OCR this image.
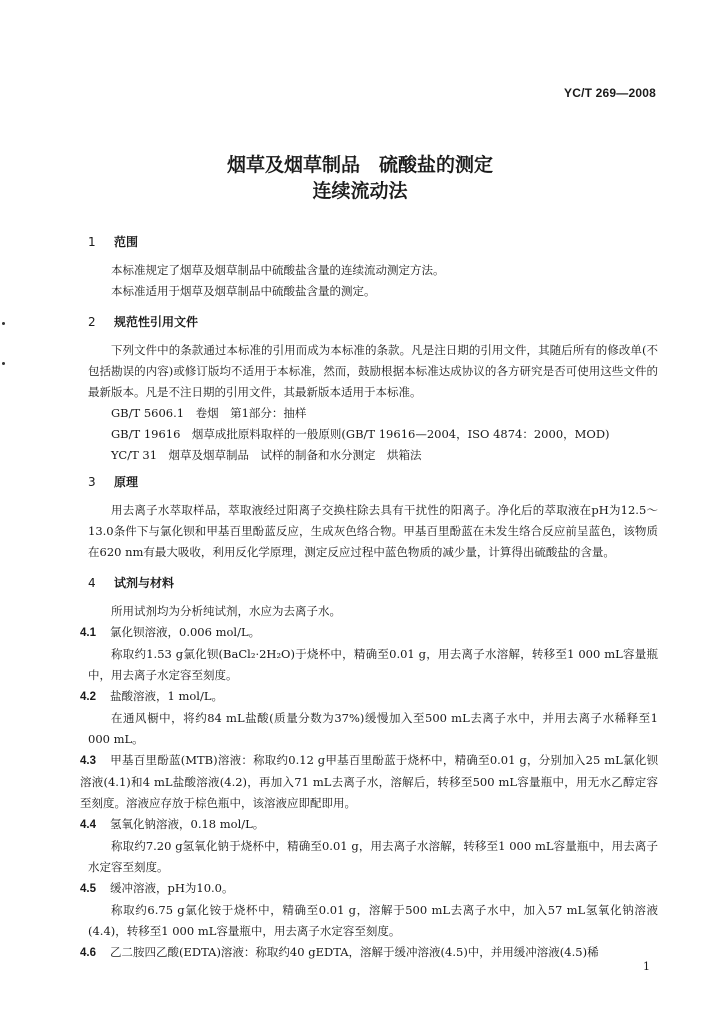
YC/T 269—2008
烟草及烟草制品　硫酸盐的测定
连续流动法
1 范围
本标准规定了烟草及烟草制品中硫酸盐含量的连续流动测定方法。
本标准适用于烟草及烟草制品中硫酸盐含量的测定。
2 规范性引用文件
下列文件中的条款通过本标准的引用而成为本标准的条款。凡是注日期的引用文件，其随后所有的修改单(不包括勘误的内容)或修订版均不适用于本标准，然而，鼓励根据本标准达成协议的各方研究是否可使用这些文件的最新版本。凡是不注日期的引用文件，其最新版本适用于本标准。
GB/T 5606.1　卷烟　第1部分：抽样
GB/T 19616　烟草成批原料取样的一般原则(GB/T 19616—2004，ISO 4874：2000，MOD)
YC/T 31　烟草及烟草制品　试样的制备和水分测定　烘箱法
3 原理
用去离子水萃取样品，萃取液经过阳离子交换柱除去具有干扰性的阳离子。净化后的萃取液在pH为12.5～13.0条件下与氯化钡和甲基百里酚蓝反应，生成灰色络合物。甲基百里酚蓝在未发生络合反应前呈蓝色，该物质在620 nm有最大吸收，利用反化学原理，测定反应过程中蓝色物质的减少量，计算得出硫酸盐的含量。
4 试剂与材料
所用试剂均为分析纯试剂，水应为去离子水。
4.1 氯化钡溶液，0.006 mol/L。
称取约1.53 g氯化钡(BaCl₂·2H₂O)于烧杯中，精确至0.01 g，用去离子水溶解，转移至1 000 mL容量瓶中，用去离子水定容至刻度。
4.2 盐酸溶液，1 mol/L。
在通风橱中，将约84 mL盐酸(质量分数为37%)缓慢加入至500 mL去离子水中，并用去离子水稀释至1 000 mL。
4.3 甲基百里酚蓝(MTB)溶液：称取约0.12 g甲基百里酚蓝于烧杯中，精确至0.01 g，分别加入25 mL氯化钡溶液(4.1)和4 mL盐酸溶液(4.2)，再加入71 mL去离子水，溶解后，转移至500 mL容量瓶中，用无水乙醇定容至刻度。溶液应存放于棕色瓶中，该溶液应即配即用。
4.4 氢氧化钠溶液，0.18 mol/L。
称取约7.20 g氢氧化钠于烧杯中，精确至0.01 g，用去离子水溶解，转移至1 000 mL容量瓶中，用去离子水定容至刻度。
4.5 缓冲溶液，pH为10.0。
称取约6.75 g氯化铵于烧杯中，精确至0.01 g，溶解于500 mL去离子水中，加入57 mL氢氧化钠溶液(4.4)，转移至1 000 mL容量瓶中，用去离子水定容至刻度。
4.6 乙二胺四乙酸(EDTA)溶液：称取约40 gEDTA，溶解于缓冲溶液(4.5)中，并用缓冲溶液(4.5)稀
1
